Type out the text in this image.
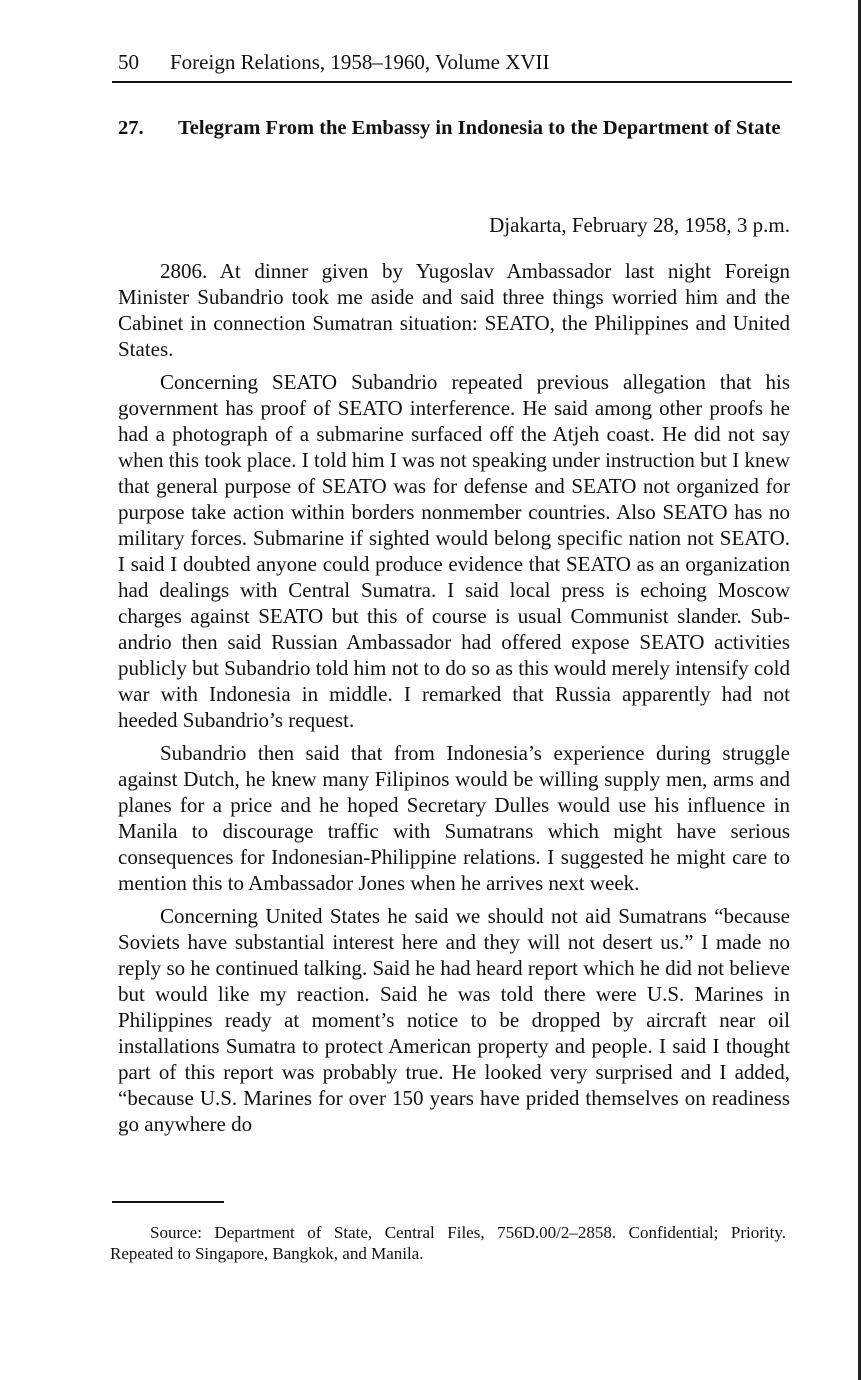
50 Foreign Relations, 1958–1960, Volume XVII
27. Telegram From the Embassy in Indonesia to the Department of State
Djakarta, February 28, 1958, 3 p.m.

2806. At dinner given by Yugoslav Ambassador last night Foreign Minister Subandrio took me aside and said three things worried him and the Cabinet in connection Sumatran situation: SEATO, the Philippines and United States.

Concerning SEATO Subandrio repeated previous allegation that his government has proof of SEATO interference. He said among other proofs he had a photograph of a submarine surfaced off the Atjeh coast. He did not say when this took place. I told him I was not speaking under instruction but I knew that general purpose of SEATO was for defense and SEATO not organized for purpose take action within borders nonmember countries. Also SEATO has no military forces. Submarine if sighted would belong specific nation not SEATO. I said I doubted anyone could produce evidence that SEATO as an organization had dealings with Central Sumatra. I said local press is echoing Moscow charges against SEATO but this of course is usual Communist slander. Subandrio then said Russian Ambassador had offered expose SEATO activities publicly but Subandrio told him not to do so as this would merely intensify cold war with Indonesia in middle. I remarked that Russia apparently had not heeded Subandrio’s request.

Subandrio then said that from Indonesia’s experience during struggle against Dutch, he knew many Filipinos would be willing supply men, arms and planes for a price and he hoped Secretary Dulles would use his influence in Manila to discourage traffic with Sumatrans which might have serious consequences for Indonesian-Philippine relations. I suggested he might care to mention this to Ambassador Jones when he arrives next week.

Concerning United States he said we should not aid Sumatrans “because Soviets have substantial interest here and they will not desert us.” I made no reply so he continued talking. Said he had heard report which he did not believe but would like my reaction. Said he was told there were U.S. Marines in Philippines ready at moment’s notice to be dropped by aircraft near oil installations Sumatra to protect American property and people. I said I thought part of this report was probably true. He looked very surprised and I added, “because U.S. Marines for over 150 years have prided themselves on readiness go anywhere do

Source: Department of State, Central Files, 756D.00/2–2858. Confidential; Priority. Repeated to Singapore, Bangkok, and Manila.
